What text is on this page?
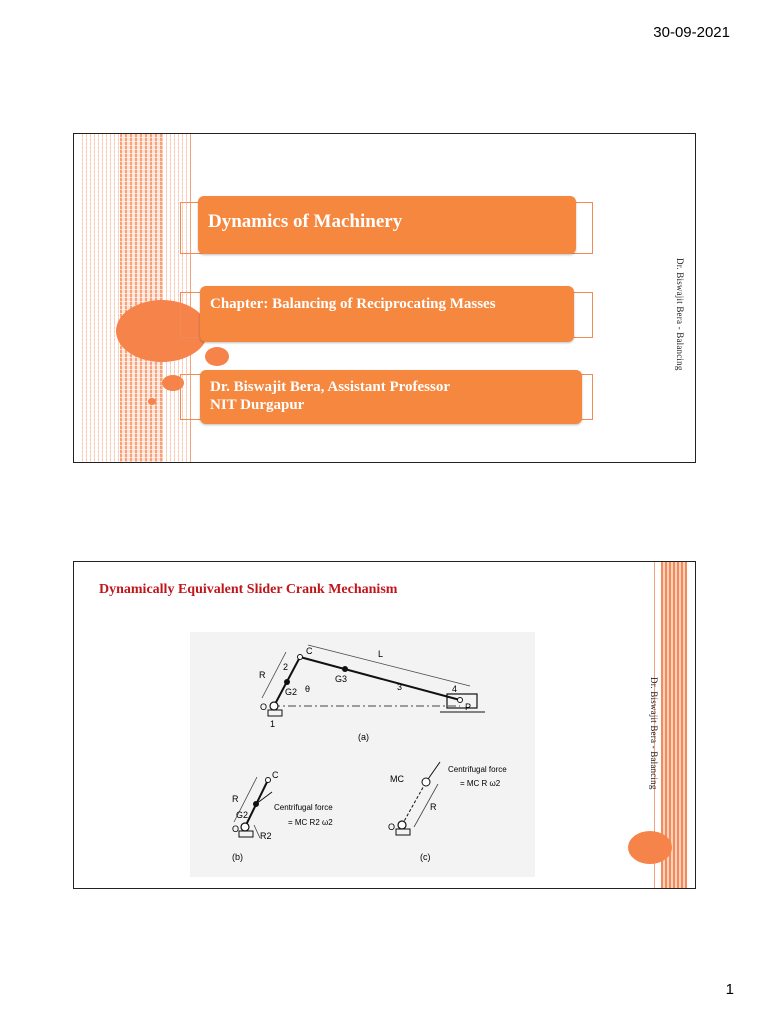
30-09-2021
Dynamics of Machinery
Chapter: Balancing of Reciprocating Masses
Dr. Biswajit Bera, Assistant Professor
NIT Durgapur
Dr. Biswajit Bera - Balancing
Dynamically Equivalent Slider Crank Mechanism
Dr. Biswajit Bera - Balancing
C	L
R
2
G3
G2 θ	3	4
P
O
1
(a)
C
R
G2
O
R2
Centrifugal force
= MC R2 ω2
(b)
MC
O
R
Centrifugal force
= MC R ω2
(c)
1
